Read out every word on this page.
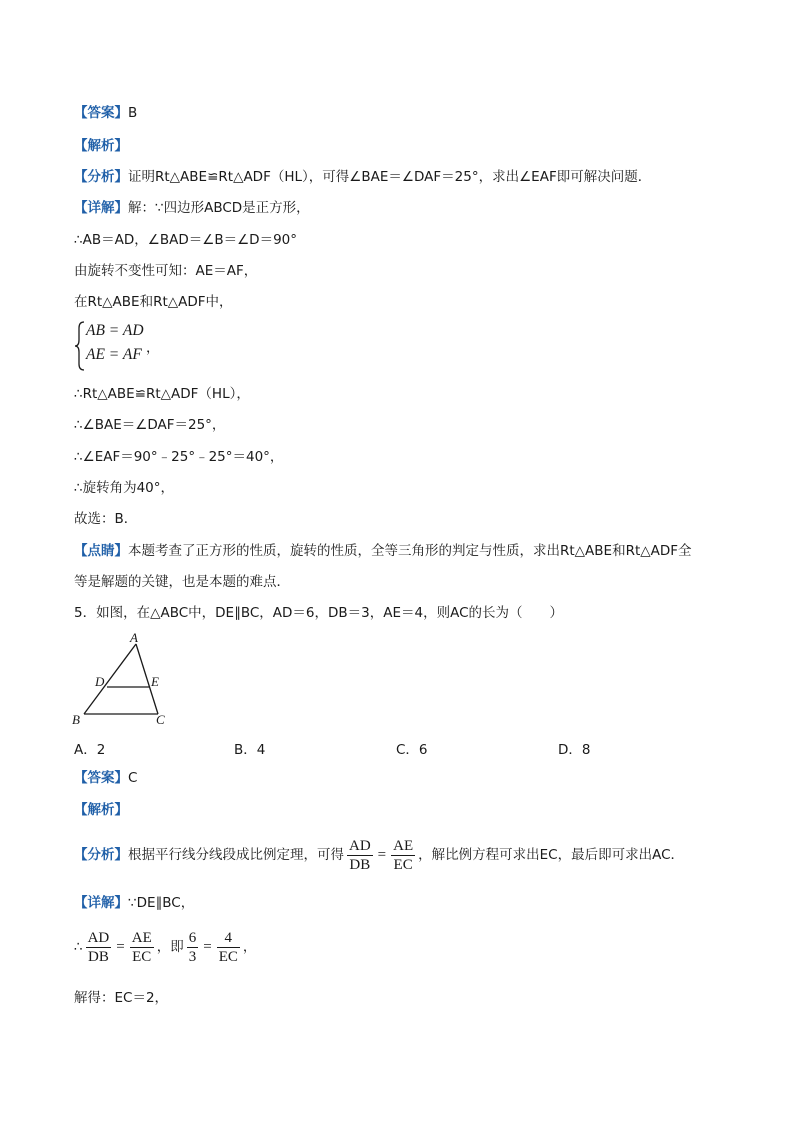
【答案】B
【解析】
【分析】证明Rt△ABE≌Rt△ADF（HL），可得∠BAE＝∠DAF＝25°，求出∠EAF即可解决问题．
【详解】解：∵四边形ABCD是正方形，
∴AB＝AD，∠BAD＝∠B＝∠D＝90°
由旋转不变性可知：AE＝AF，
在Rt△ABE和Rt△ADF中，
AB = AD
AE = AF ，
∴Rt△ABE≌Rt△ADF（HL），
∴∠BAE＝∠DAF＝25°，
∴∠EAF＝90°﹣25°﹣25°＝40°，
∴旋转角为40°，
故选：B．
【点睛】本题考查了正方形的性质，旋转的性质，全等三角形的判定与性质，求出Rt△ABE和Rt△ADF全
等是解题的关键，也是本题的难点．
5．如图，在△ABC中，DE∥BC，AD＝6，DB＝3，AE＝4，则AC的长为（　　）
A
D	E
B	C
A．2	B．4	C．6	D．8
【答案】C
【解析】
【分析】根据平行线分线段成比例定理，可得 $\frac{AD}{DB} = \frac{AE}{EC}$ ，解比例方程可求出EC，最后即可求出AC．
【详解】∵DE∥BC，
∴ $\frac{AD}{DB} = \frac{AE}{EC}$ ，即 $\frac{6}{3} = \frac{4}{EC}$ ，
解得：EC＝2，
